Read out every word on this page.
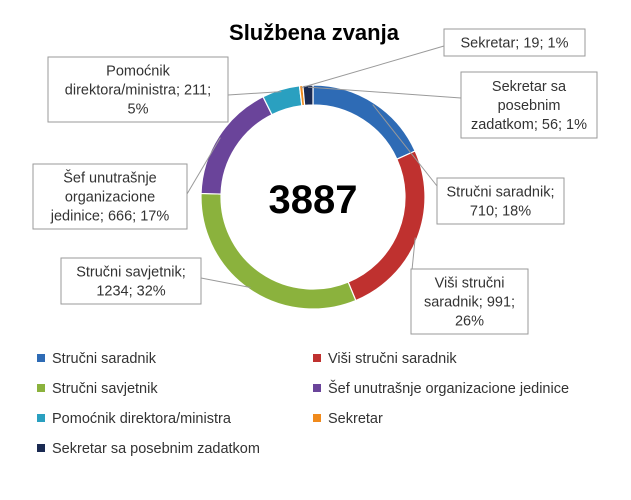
Službena zvanja
3887	Stručni saradnik;
710; 18%
Viši stručni
saradnik; 991;
26%
Stručni savjetnik;
1234; 32%
Šef unutrašnje
organizacione
jedinice; 666; 17%
Pomoćnik
direktora/ministra; 211;
5%
Sekretar; 19; 1%
Sekretar sa
posebnim
zadatkom; 56; 1%
Stručni saradnik	Viši stručni saradnik
Stručni savjetnik	Šef unutrašnje organizacione jedinice
Pomoćnik direktora/ministra	Sekretar
Sekretar sa posebnim zadatkom
